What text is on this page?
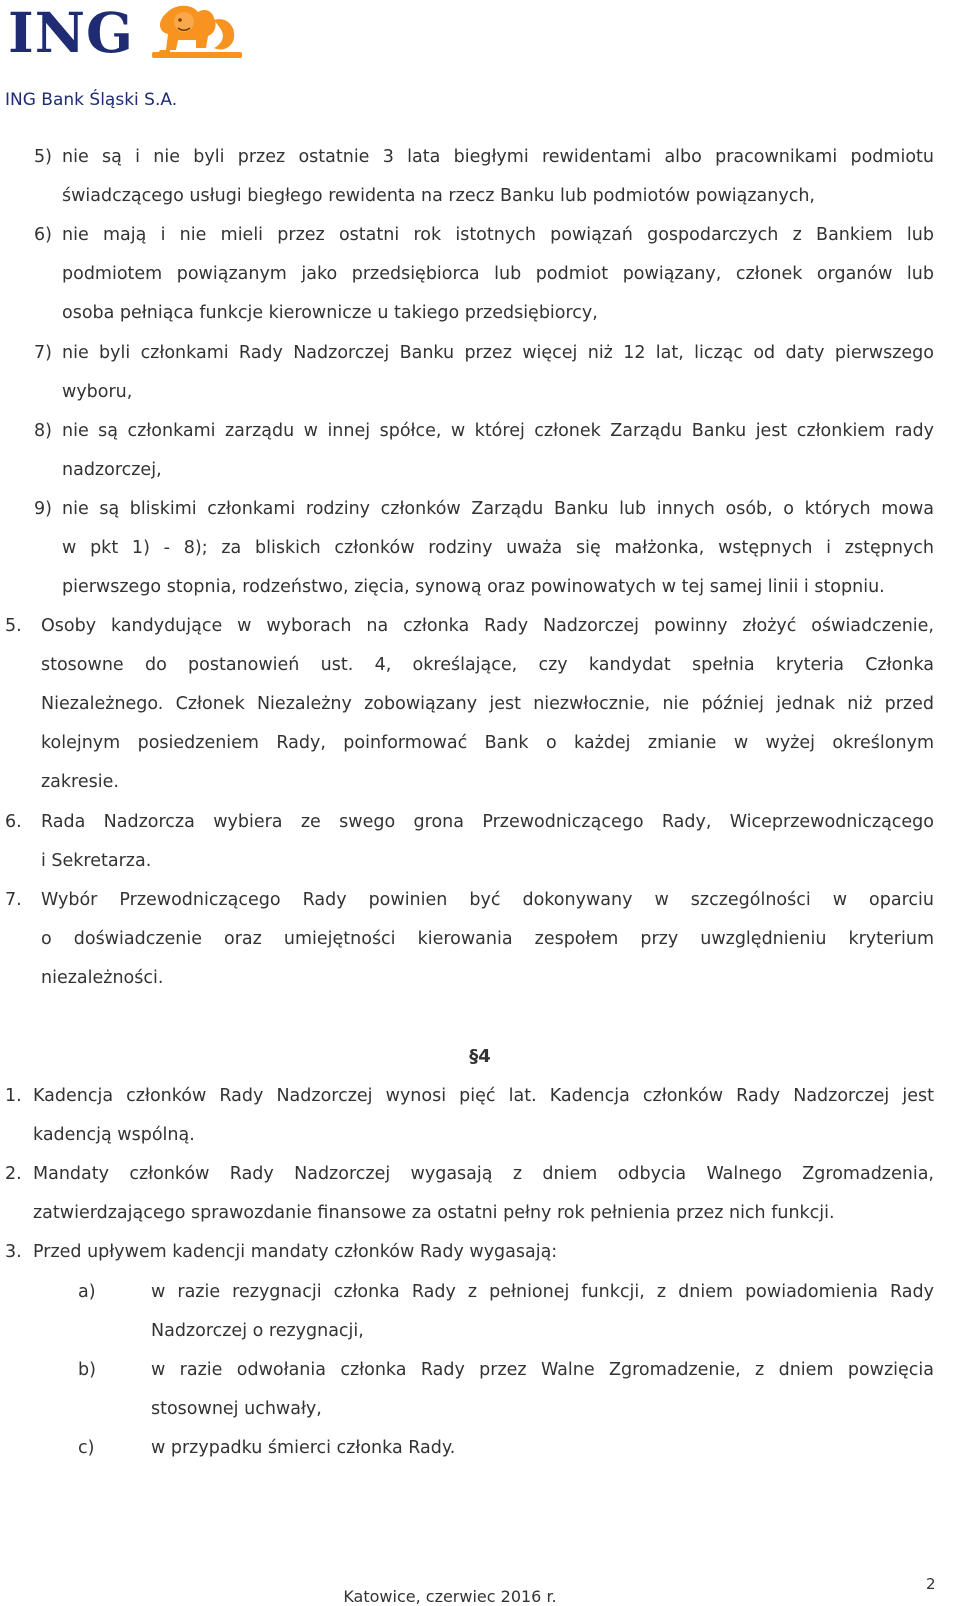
ING
ING Bank Śląski S.A.
5) nie są i nie byli przez ostatnie 3 lata biegłymi rewidentami albo pracownikami podmiotu
świadczącego usługi biegłego rewidenta na rzecz Banku lub podmiotów powiązanych,
6) nie mają i nie mieli przez ostatni rok istotnych powiązań gospodarczych z Bankiem lub
podmiotem powiązanym jako przedsiębiorca lub podmiot powiązany, członek organów lub
osoba pełniąca funkcje kierownicze u takiego przedsiębiorcy,
7) nie byli członkami Rady Nadzorczej Banku przez więcej niż 12 lat, licząc od daty pierwszego
wyboru,
8) nie są członkami zarządu w innej spółce, w której członek Zarządu Banku jest członkiem rady
nadzorczej,
9) nie są bliskimi członkami rodziny członków Zarządu Banku lub innych osób, o których mowa
w pkt 1) - 8); za bliskich członków rodziny uważa się małżonka, wstępnych i zstępnych
pierwszego stopnia, rodzeństwo, zięcia, synową oraz powinowatych w tej samej linii i stopniu.
5. Osoby kandydujące w wyborach na członka Rady Nadzorczej powinny złożyć oświadczenie,
stosowne do postanowień ust. 4, określające, czy kandydat spełnia kryteria Członka
Niezależnego. Członek Niezależny zobowiązany jest niezwłocznie, nie później jednak niż przed
kolejnym posiedzeniem Rady, poinformować Bank o każdej zmianie w wyżej określonym
zakresie.
6. Rada Nadzorcza wybiera ze swego grona Przewodniczącego Rady, Wiceprzewodniczącego
i Sekretarza.
7. Wybór Przewodniczącego Rady powinien być dokonywany w szczególności w oparciu
o doświadczenie oraz umiejętności kierowania zespołem przy uwzględnieniu kryterium
niezależności.
1. Kadencja członków Rady Nadzorczej wynosi pięć lat. Kadencja członków Rady Nadzorczej jest
kadencją wspólną.
2. Mandaty członków Rady Nadzorczej wygasają z dniem odbycia Walnego Zgromadzenia,
zatwierdzającego sprawozdanie finansowe za ostatni pełny rok pełnienia przez nich funkcji.
3. Przed upływem kadencji mandaty członków Rady wygasają:
a)	w razie rezygnacji członka Rady z pełnionej funkcji, z dniem powiadomienia Rady
Nadzorczej o rezygnacji,
b)	w razie odwołania członka Rady przez Walne Zgromadzenie, z dniem powzięcia
stosownej uchwały,
c)	w przypadku śmierci członka Rady.
§4
Katowice, czerwiec 2016 r.
2
